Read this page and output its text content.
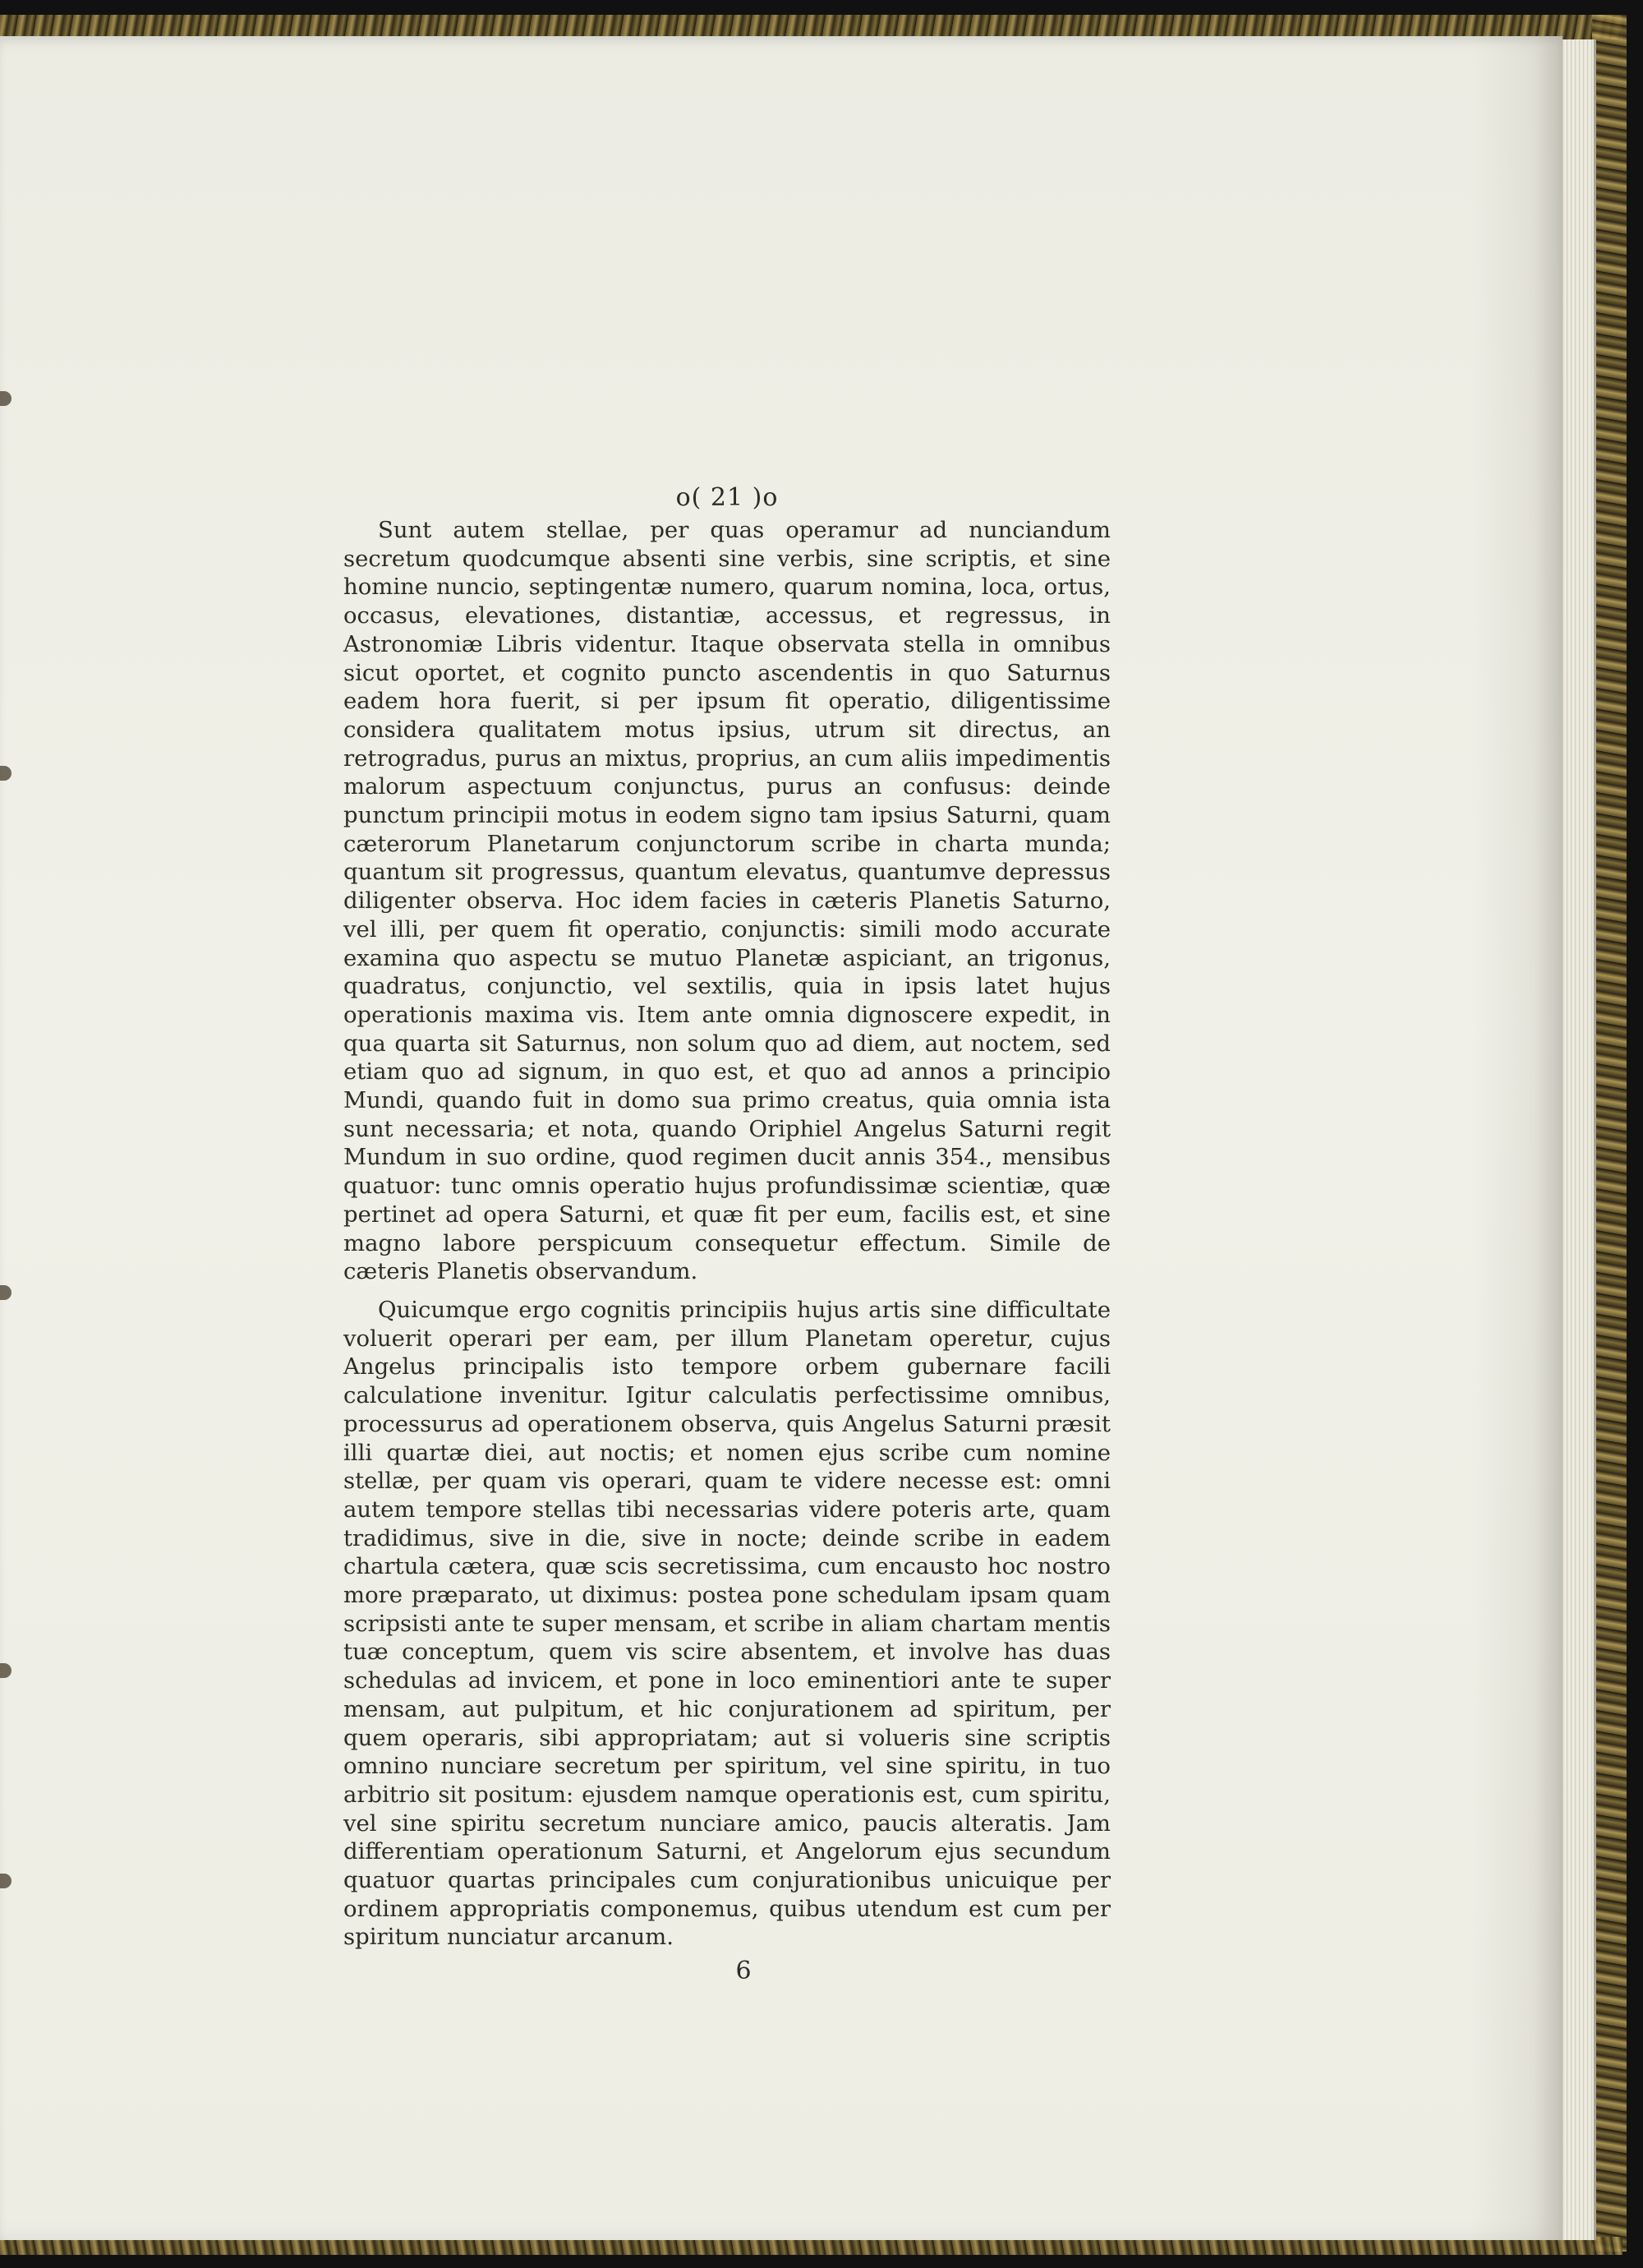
o( 21 )o

Sunt autem stellae, per quas operamur ad nunciandum secretum quodcumque absenti sine verbis, sine scriptis, et sine homine nuncio, septingentæ numero, quarum nomina, loca, ortus, occasus, elevationes, distantiæ, accessus, et regressus, in Astronomiæ Libris videntur. Itaque observata stella in omnibus sicut oportet, et cognito puncto ascendentis in quo Saturnus eadem hora fuerit, si per ipsum fit operatio, diligentissime considera qualitatem motus ipsius, utrum sit directus, an retrogradus, purus an mixtus, proprius, an cum aliis impedimentis malorum aspectuum conjunctus, purus an confusus: deinde punctum principii motus in eodem signo tam ipsius Saturni, quam cæterorum Planetarum conjunctorum scribe in charta munda; quantum sit progressus, quantum elevatus, quantumve depressus diligenter observa. Hoc idem facies in cæteris Planetis Saturno, vel illi, per quem fit operatio, conjunctis: simili modo accurate examina quo aspectu se mutuo Planetæ aspiciant, an trigonus, quadratus, conjunctio, vel sextilis, quia in ipsis latet hujus operationis maxima vis. Item ante omnia dignoscere expedit, in qua quarta sit Saturnus, non solum quo ad diem, aut noctem, sed etiam quo ad signum, in quo est, et quo ad annos a principio Mundi, quando fuit in domo sua primo creatus, quia omnia ista sunt necessaria; et nota, quando Oriphiel Angelus Saturni regit Mundum in suo ordine, quod regimen ducit annis 354., mensibus quatuor: tunc omnis operatio hujus profundissimæ scientiæ, quæ pertinet ad opera Saturni, et quæ fit per eum, facilis est, et sine magno labore perspicuum consequetur effectum. Simile de cæteris Planetis observandum.

Quicumque ergo cognitis principiis hujus artis sine difficultate voluerit operari per eam, per illum Planetam operetur, cujus Angelus principalis isto tempore orbem gubernare facili calculatione invenitur. Igitur calculatis perfectissime omnibus, processurus ad operationem observa, quis Angelus Saturni præsit illi quartæ diei, aut noctis; et nomen ejus scribe cum nomine stellæ, per quam vis operari, quam te videre necesse est: omni autem tempore stellas tibi necessarias videre poteris arte, quam tradidimus, sive in die, sive in nocte; deinde scribe in eadem chartula cætera, quæ scis secretissima, cum encausto hoc nostro more præparato, ut diximus: postea pone schedulam ipsam quam scripsisti ante te super mensam, et scribe in aliam chartam mentis tuæ conceptum, quem vis scire absentem, et involve has duas schedulas ad invicem, et pone in loco eminentiori ante te super mensam, aut pulpitum, et hic conjurationem ad spiritum, per quem operaris, sibi appropriatam; aut si volueris sine scriptis omnino nunciare secretum per spiritum, vel sine spiritu, in tuo arbitrio sit positum: ejusdem namque operationis est, cum spiritu, vel sine spiritu secretum nunciare amico, paucis alteratis. Jam differentiam operationum Saturni, et Angelorum ejus secundum quatuor quartas principales cum conjurationibus unicuique per ordinem appropriatis componemus, quibus utendum est cum per spiritum nunciatur arcanum.

6
